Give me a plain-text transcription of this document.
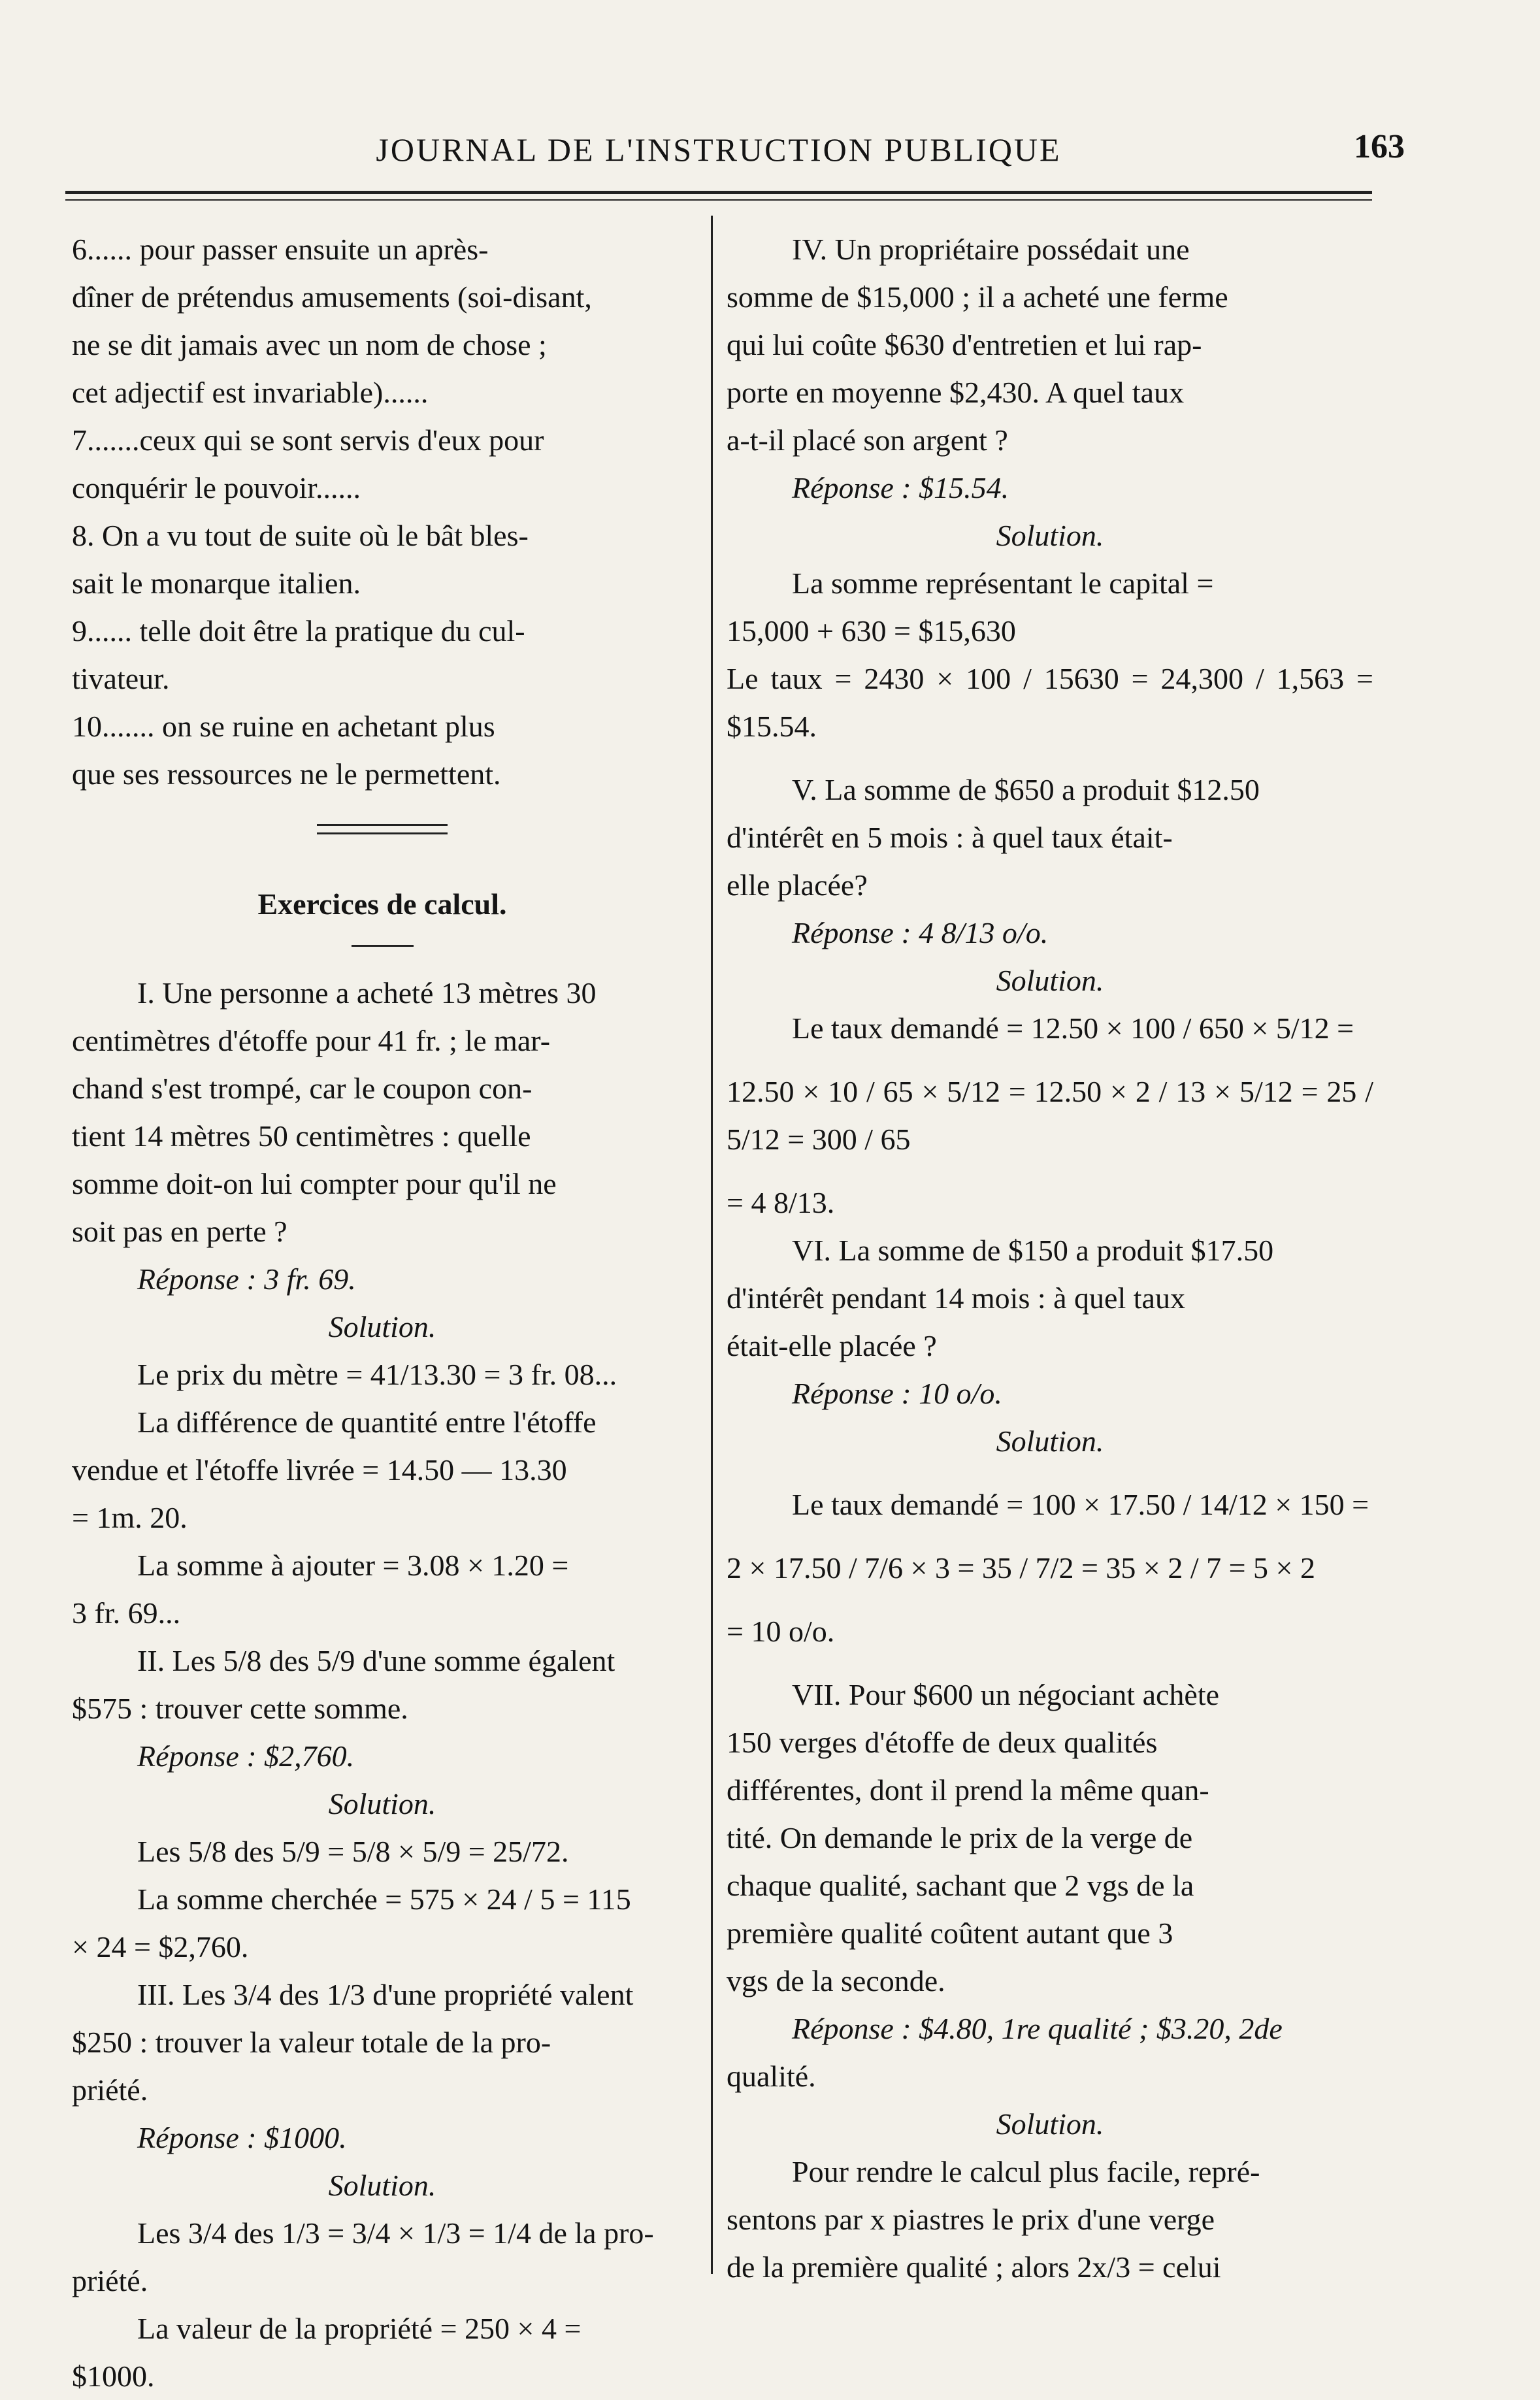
JOURNAL DE L'INSTRUCTION PUBLIQUE	163

6...... pour passer ensuite un après-

dîner de prétendus amusements (soi-disant,

ne se dit jamais avec un nom de chose ;

cet adjectif est invariable)......

7.......ceux qui se sont servis d'eux pour

conquérir le pouvoir......

8. On a vu tout de suite où le bât bles-

sait le monarque italien.

9...... telle doit être la pratique du cul-

tivateur.

10....... on se ruine en achetant plus

que ses ressources ne le permettent.

Exercices de calcul.

I. Une personne a acheté 13 mètres 30

centimètres d'étoffe pour 41 fr. ; le mar-

chand s'est trompé, car le coupon con-

tient 14 mètres 50 centimètres : quelle

somme doit-on lui compter pour qu'il ne

soit pas en perte ?

Réponse : 3 fr. 69.

Solution.

Le prix du mètre = 41/13.30 = 3 fr. 08...

La différence de quantité entre l'étoffe

vendue et l'étoffe livrée = 14.50 — 13.30

= 1m. 20.

La somme à ajouter = 3.08 × 1.20 =

3 fr. 69...

II. Les 5/8 des 5/9 d'une somme égalent

$575 : trouver cette somme.

Réponse : $2,760.

Solution.

Les 5/8 des 5/9 = 5/8 × 5/9 = 25/72.

La somme cherchée = 575 × 24 / 5 = 115

× 24 = $2,760.

III. Les 3/4 des 1/3 d'une propriété valent

$250 : trouver la valeur totale de la pro-

priété.

Réponse : $1000.

Solution.

Les 3/4 des 1/3 = 3/4 × 1/3 = 1/4 de la pro-

priété.

La valeur de la propriété = 250 × 4 =

$1000.

IV. Un propriétaire possédait une

somme de $15,000 ; il a acheté une ferme

qui lui coûte $630 d'entretien et lui rap-

porte en moyenne $2,430. A quel taux

a-t-il placé son argent ?

Réponse : $15.54.

Solution.

La somme représentant le capital =

15,000 + 630 = $15,630

Le taux = 2430 × 100 / 15630 = 24,300 / 1,563 = $15.54.

V. La somme de $650 a produit $12.50

d'intérêt en 5 mois : à quel taux était-

elle placée?

Réponse : 4 8/13 o/o.

Solution.

Le taux demandé = 12.50 × 100 / 650 × 5/12 =

12.50 × 10 / 65 × 5/12 = 12.50 × 2 / 13 × 5/12 = 25 / 5/12 = 300 / 65

= 4 8/13.

VI. La somme de $150 a produit $17.50

d'intérêt pendant 14 mois : à quel taux

était-elle placée ?

Réponse : 10 o/o.

Solution.

Le taux demandé = 100 × 17.50 / 14/12 × 150 =

2 × 17.50 / 7/6 × 3 = 35 / 7/2 = 35 × 2 / 7 = 5 × 2

= 10 o/o.

VII. Pour $600 un négociant achète

150 verges d'étoffe de deux qualités

différentes, dont il prend la même quan-

tité. On demande le prix de la verge de

chaque qualité, sachant que 2 vgs de la

première qualité coûtent autant que 3

vgs de la seconde.

Réponse : $4.80, 1re qualité ; $3.20, 2de

qualité.

Solution.

Pour rendre le calcul plus facile, repré-

sentons par x piastres le prix d'une verge

de la première qualité ; alors 2x/3 = celui
